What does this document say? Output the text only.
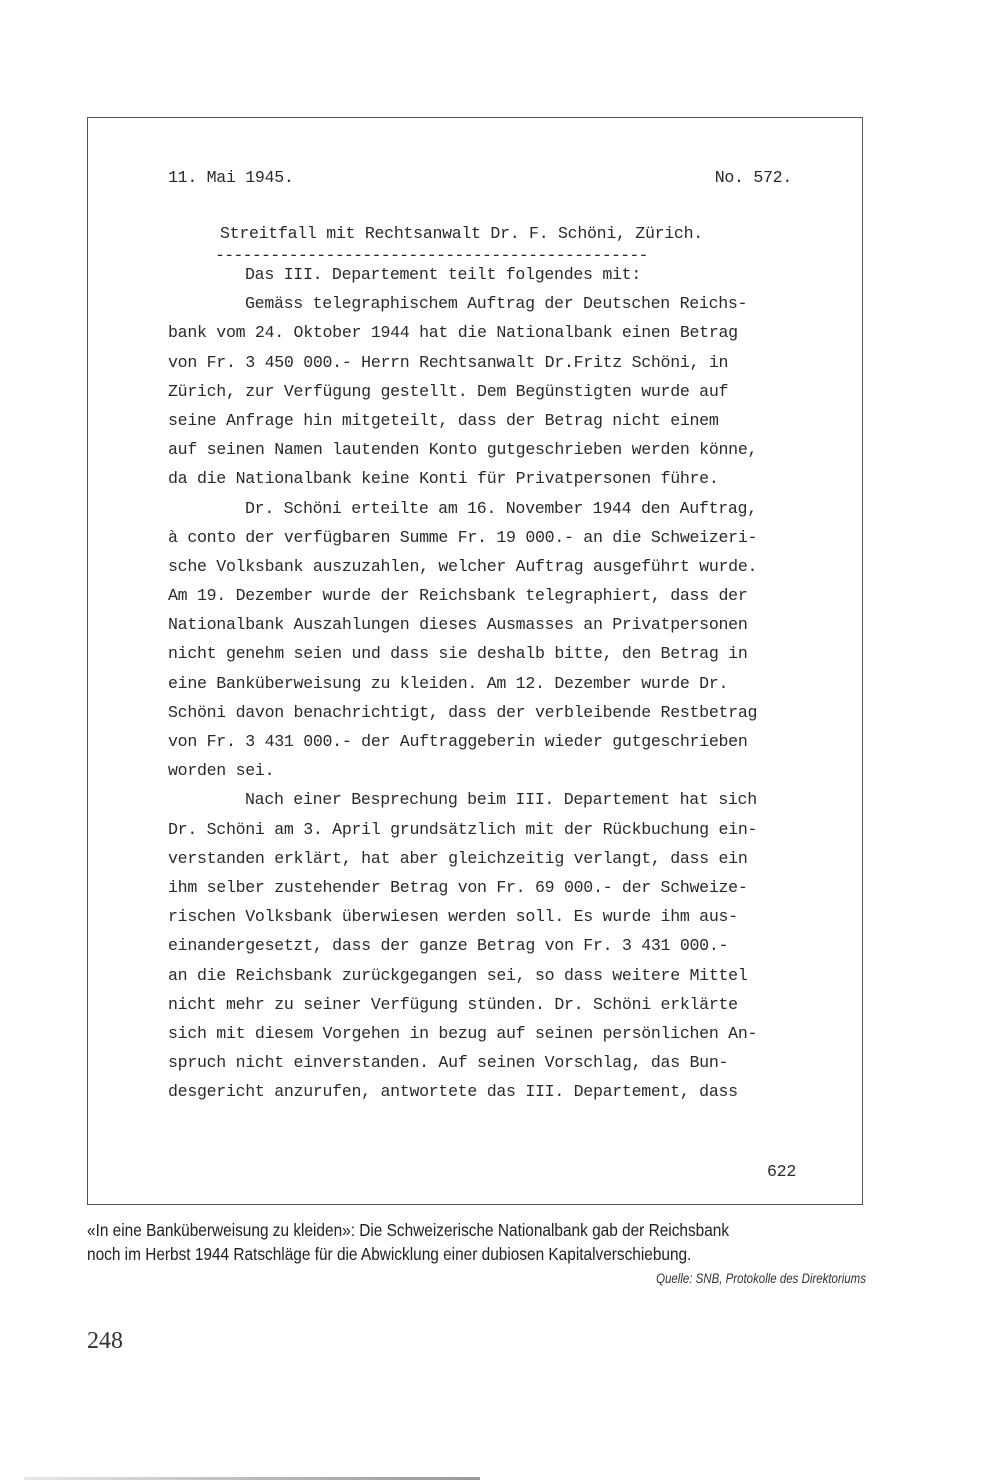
11. Mai 1945.	No. 572.
Streitfall mit Rechtsanwalt Dr. F. Schöni, Zürich.
-----------------------------------------------
Das III. Departement teilt folgendes mit:
Gemäss telegraphischem Auftrag der Deutschen Reichs-
bank vom 24. Oktober 1944 hat die Nationalbank einen Betrag
von Fr. 3 450 000.- Herrn Rechtsanwalt Dr.Fritz Schöni, in
Zürich, zur Verfügung gestellt. Dem Begünstigten wurde auf
seine Anfrage hin mitgeteilt, dass der Betrag nicht einem
auf seinen Namen lautenden Konto gutgeschrieben werden könne,
da die Nationalbank keine Konti für Privatpersonen führe.
Dr. Schöni erteilte am 16. November 1944 den Auftrag,
à conto der verfügbaren Summe Fr. 19 000.- an die Schweizeri-
sche Volksbank auszuzahlen, welcher Auftrag ausgeführt wurde.
Am 19. Dezember wurde der Reichsbank telegraphiert, dass der
Nationalbank Auszahlungen dieses Ausmasses an Privatpersonen
nicht genehm seien und dass sie deshalb bitte, den Betrag in
eine Banküberweisung zu kleiden. Am 12. Dezember wurde Dr.
Schöni davon benachrichtigt, dass der verbleibende Restbetrag
von Fr. 3 431 000.- der Auftraggeberin wieder gutgeschrieben
worden sei.
Nach einer Besprechung beim III. Departement hat sich
Dr. Schöni am 3. April grundsätzlich mit der Rückbuchung ein-
verstanden erklärt, hat aber gleichzeitig verlangt, dass ein
ihm selber zustehender Betrag von Fr. 69 000.- der Schweize-
rischen Volksbank überwiesen werden soll. Es wurde ihm aus-
einandergesetzt, dass der ganze Betrag von Fr. 3 431 000.-
an die Reichsbank zurückgegangen sei, so dass weitere Mittel
nicht mehr zu seiner Verfügung stünden. Dr. Schöni erklärte
sich mit diesem Vorgehen in bezug auf seinen persönlichen An-
spruch nicht einverstanden. Auf seinen Vorschlag, das Bun-
desgericht anzurufen, antwortete das III. Departement, dass
622
«In eine Banküberweisung zu kleiden»: Die Schweizerische Nationalbank gab der Reichsbank
noch im Herbst 1944 Ratschläge für die Abwicklung einer dubiosen Kapitalverschiebung.
Quelle: SNB, Protokolle des Direktoriums
248
